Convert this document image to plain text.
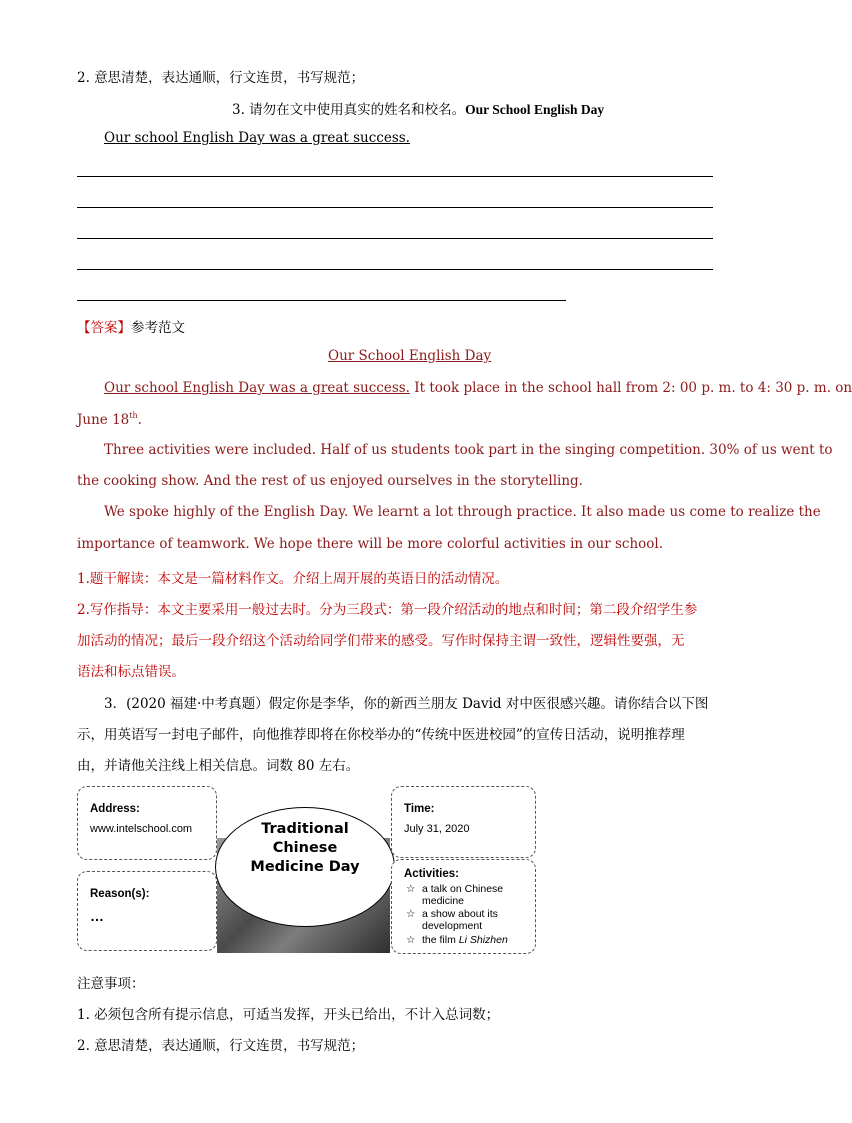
2. 意思清楚，表达通顺，行文连贯，书写规范；
3. 请勿在文中使用真实的姓名和校名。Our School English Day
Our school English Day was a great success.
【答案】参考范文
Our School English Day
Our school English Day was a great success. It took place in the school hall from 2: 00 p. m. to 4: 30 p. m. on
June 18th.
Three activities were included. Half of us students took part in the singing competition. 30% of us went to
the cooking show. And the rest of us enjoyed ourselves in the storytelling.
We spoke highly of the English Day. We learnt a lot through practice. It also made us come to realize the
importance of teamwork. We hope there will be more colorful activities in our school.
1.题干解读：本文是一篇材料作文。介绍上周开展的英语日的活动情况。
2.写作指导：本文主要采用一般过去时。分为三段式：第一段介绍活动的地点和时间；第二段介绍学生参
加活动的情况；最后一段介绍这个活动给同学们带来的感受。写作时保持主谓一致性，逻辑性要强，无
语法和标点错误。
3．(2020 福建·中考真题）假定你是李华，你的新西兰朋友 David 对中医很感兴趣。请你结合以下图
示，用英语写一封电子邮件，向他推荐即将在你校举办的“传统中医进校园”的宣传日活动，说明推荐理
由，并请他关注线上相关信息。词数 80 左右。
Address:
www.intelschool.com
Reason(s):
…
Traditional
Chinese
Medicine Day
Time:
July 31, 2020
Activities:
☆ a talk on Chinese
medicine
☆ a show about its
development
☆ the film Li Shizhen
注意事项：
1. 必须包含所有提示信息，可适当发挥，开头已给出，不计入总词数；
2. 意思清楚，表达通顺，行文连贯，书写规范；
